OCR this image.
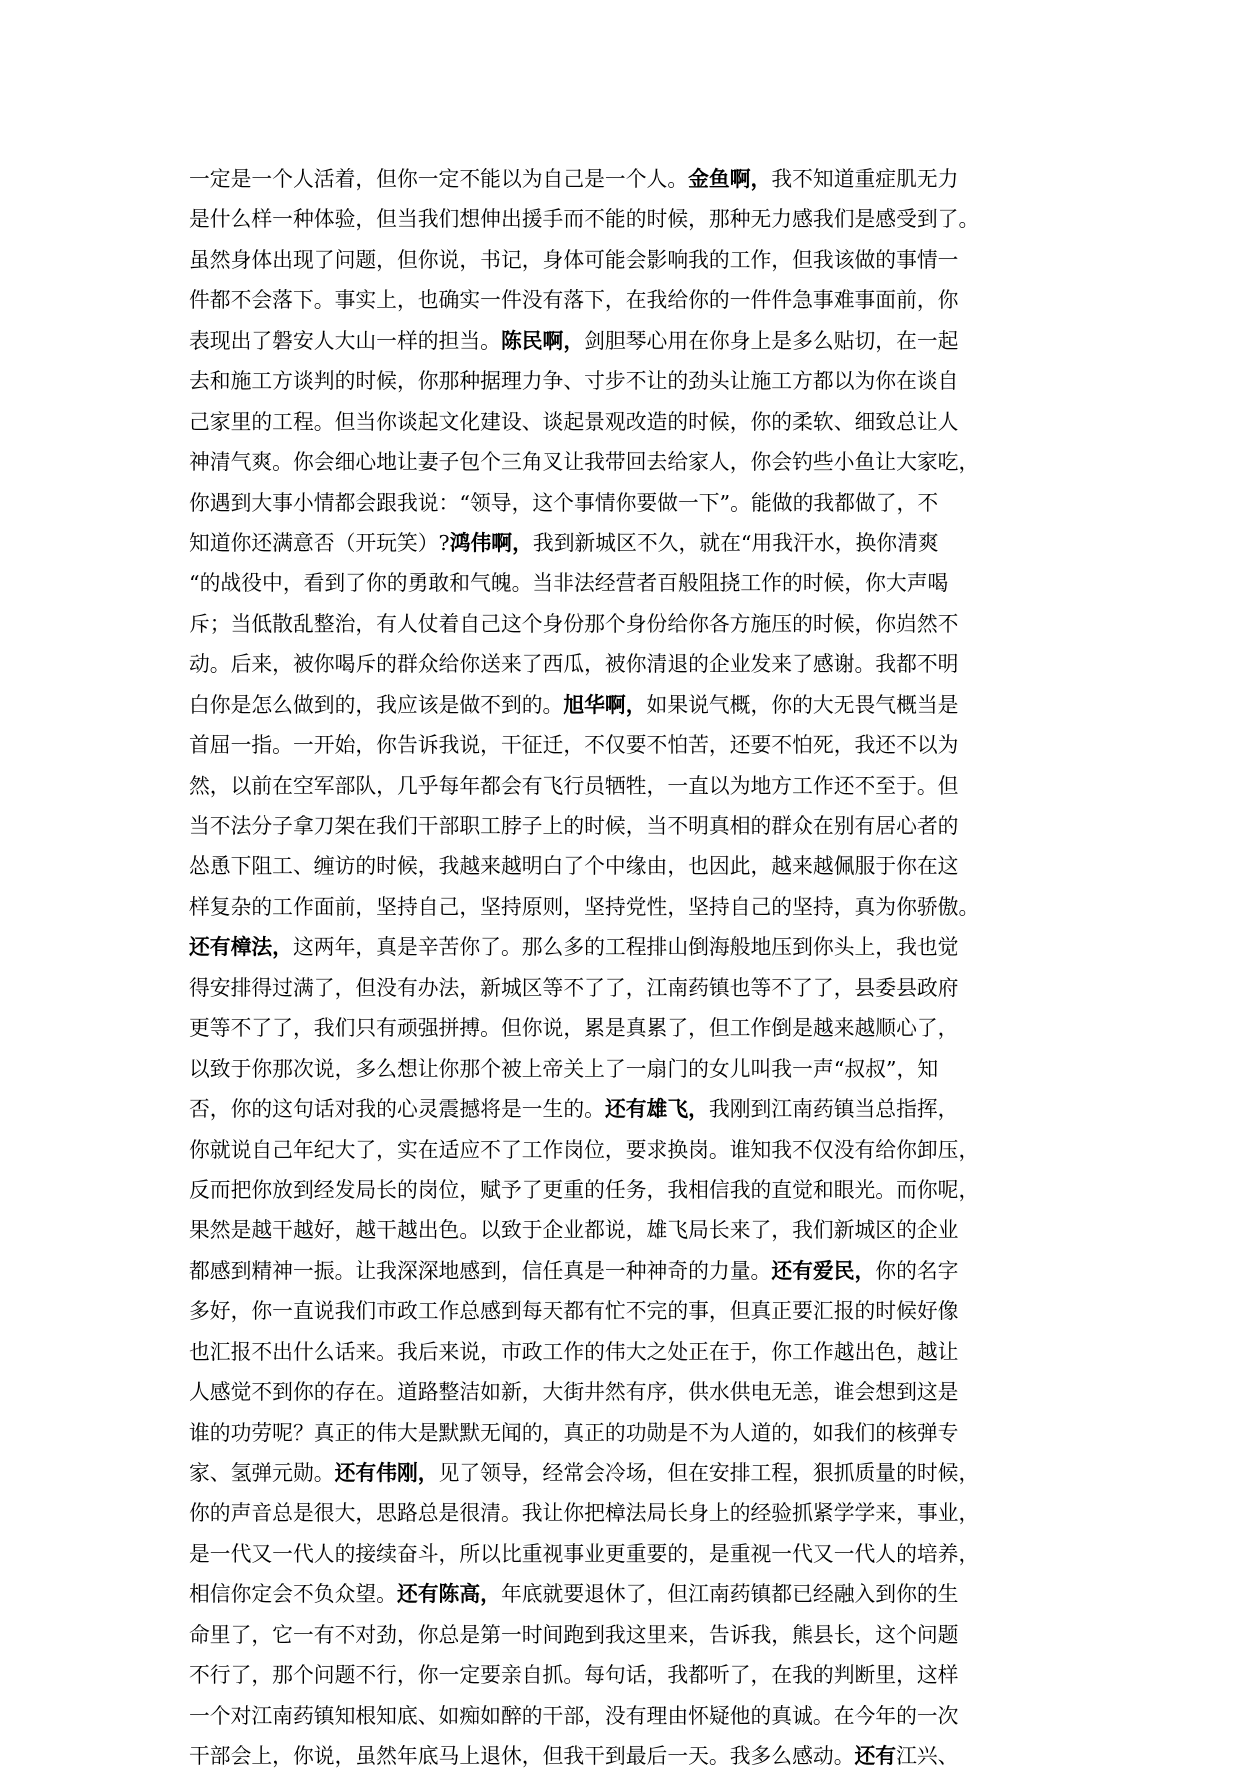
一定是一个人活着，但你一定不能以为自己是一个人。金鱼啊，我不知道重症肌无力
是什么样一种体验，但当我们想伸出援手而不能的时候，那种无力感我们是感受到了。
虽然身体出现了问题，但你说，书记，身体可能会影响我的工作，但我该做的事情一
件都不会落下。事实上，也确实一件没有落下，在我给你的一件件急事难事面前，你
表现出了磐安人大山一样的担当。陈民啊，剑胆琴心用在你身上是多么贴切，在一起
去和施工方谈判的时候，你那种据理力争、寸步不让的劲头让施工方都以为你在谈自
己家里的工程。但当你谈起文化建设、谈起景观改造的时候，你的柔软、细致总让人
神清气爽。你会细心地让妻子包个三角叉让我带回去给家人，你会钓些小鱼让大家吃，
你遇到大事小情都会跟我说：“领导，这个事情你要做一下”。能做的我都做了，不
知道你还满意否（开玩笑）?鸿伟啊，我到新城区不久，就在“用我汗水，换你清爽
“的战役中，看到了你的勇敢和气魄。当非法经营者百般阻挠工作的时候，你大声喝
斥；当低散乱整治，有人仗着自己这个身份那个身份给你各方施压的时候，你岿然不
动。后来，被你喝斥的群众给你送来了西瓜，被你清退的企业发来了感谢。我都不明
白你是怎么做到的，我应该是做不到的。旭华啊，如果说气概，你的大无畏气概当是
首屈一指。一开始，你告诉我说，干征迁，不仅要不怕苦，还要不怕死，我还不以为
然，以前在空军部队，几乎每年都会有飞行员牺牲，一直以为地方工作还不至于。但
当不法分子拿刀架在我们干部职工脖子上的时候，当不明真相的群众在别有居心者的
怂恿下阻工、缠访的时候，我越来越明白了个中缘由，也因此，越来越佩服于你在这
样复杂的工作面前，坚持自己，坚持原则，坚持党性，坚持自己的坚持，真为你骄傲。
还有樟法，这两年，真是辛苦你了。那么多的工程排山倒海般地压到你头上，我也觉
得安排得过满了，但没有办法，新城区等不了了，江南药镇也等不了了，县委县政府
更等不了了，我们只有顽强拼搏。但你说，累是真累了，但工作倒是越来越顺心了，
以致于你那次说，多么想让你那个被上帝关上了一扇门的女儿叫我一声“叔叔”，知
否，你的这句话对我的心灵震撼将是一生的。还有雄飞，我刚到江南药镇当总指挥，
你就说自己年纪大了，实在适应不了工作岗位，要求换岗。谁知我不仅没有给你卸压，
反而把你放到经发局长的岗位，赋予了更重的任务，我相信我的直觉和眼光。而你呢，
果然是越干越好，越干越出色。以致于企业都说，雄飞局长来了，我们新城区的企业
都感到精神一振。让我深深地感到，信任真是一种神奇的力量。还有爱民，你的名字
多好，你一直说我们市政工作总感到每天都有忙不完的事，但真正要汇报的时候好像
也汇报不出什么话来。我后来说，市政工作的伟大之处正在于，你工作越出色，越让
人感觉不到你的存在。道路整洁如新，大街井然有序，供水供电无恙，谁会想到这是
谁的功劳呢？真正的伟大是默默无闻的，真正的功勋是不为人道的，如我们的核弹专
家、氢弹元勋。还有伟刚，见了领导，经常会冷场，但在安排工程，狠抓质量的时候，
你的声音总是很大，思路总是很清。我让你把樟法局长身上的经验抓紧学学来，事业，
是一代又一代人的接续奋斗，所以比重视事业更重要的，是重视一代又一代人的培养，
相信你定会不负众望。还有陈高，年底就要退休了，但江南药镇都已经融入到你的生
命里了，它一有不对劲，你总是第一时间跑到我这里来，告诉我，熊县长，这个问题
不行了，那个问题不行，你一定要亲自抓。每句话，我都听了，在我的判断里，这样
一个对江南药镇知根知底、如痴如醉的干部，没有理由怀疑他的真诚。在今年的一次
干部会上，你说，虽然年底马上退休，但我干到最后一天。我多么感动。还有江兴、
